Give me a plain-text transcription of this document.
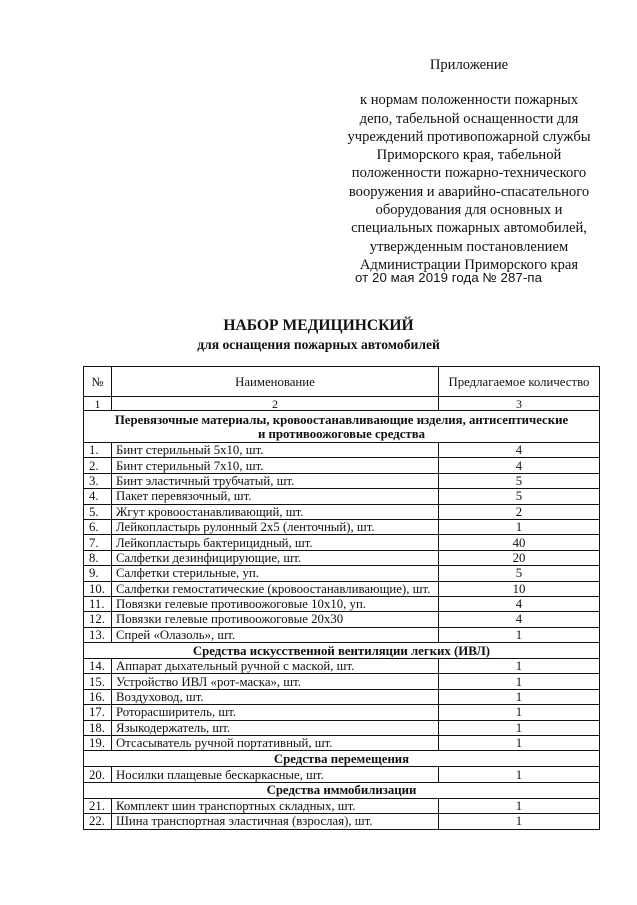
Приложение

к нормам положенности пожарных

депо, табельной оснащенности для

учреждений противопожарной службы

Приморского края, табельной

положенности пожарно-технического

вооружения и аварийно-спасательного

оборудования для основных и

специальных пожарных автомобилей,

утвержденным постановлением

Администрации Приморского края

от 20 мая 2019 года № 287-па
НАБОР МЕДИЦИНСКИЙ
для оснащения пожарных автомобилей
№	Наименование	Предлагаемое количество
1	2	3

Перевязочные материалы, кровоостанавливающие изделия, антисептические
и противоожоговые средства		

1.	Бинт стерильный 5х10, шт.	4
2.	Бинт стерильный 7х10, шт.	4
3.	Бинт эластичный трубчатый, шт.	5
4.	Пакет перевязочный, шт.	5
5.	Жгут кровоостанавливающий, шт.	2
6.	Лейкопластырь рулонный 2х5 (ленточный), шт.	1
7.	Лейкопластырь бактерицидный, шт.	40
8.	Салфетки дезинфицирующие, шт.	20
9.	Салфетки стерильные, уп.	5
10.	Салфетки гемостатические (кровоостанавливающие), шт.	10
11.	Повязки гелевые противоожоговые 10х10, уп.	4
12.	Повязки гелевые противоожоговые 20х30	4
13.	Спрей «Олазоль», шт.	1

Средства искусственной вентиляции легких (ИВЛ)		

14.	Аппарат дыхательный ручной с маской, шт.	1
15.	Устройство ИВЛ «рот-маска», шт.	1
16.	Воздуховод, шт.	1
17.	Роторасширитель, шт.	1
18.	Языкодержатель, шт.	1
19.	Отсасыватель ручной портативный, шт.	1

Средства перемещения		

20.	Носилки плащевые бескаркасные, шт.	1

Средства иммобилизации		

21.	Комплект шин транспортных складных, шт.	1
22.	Шина транспортная эластичная (взрослая), шт.	1
